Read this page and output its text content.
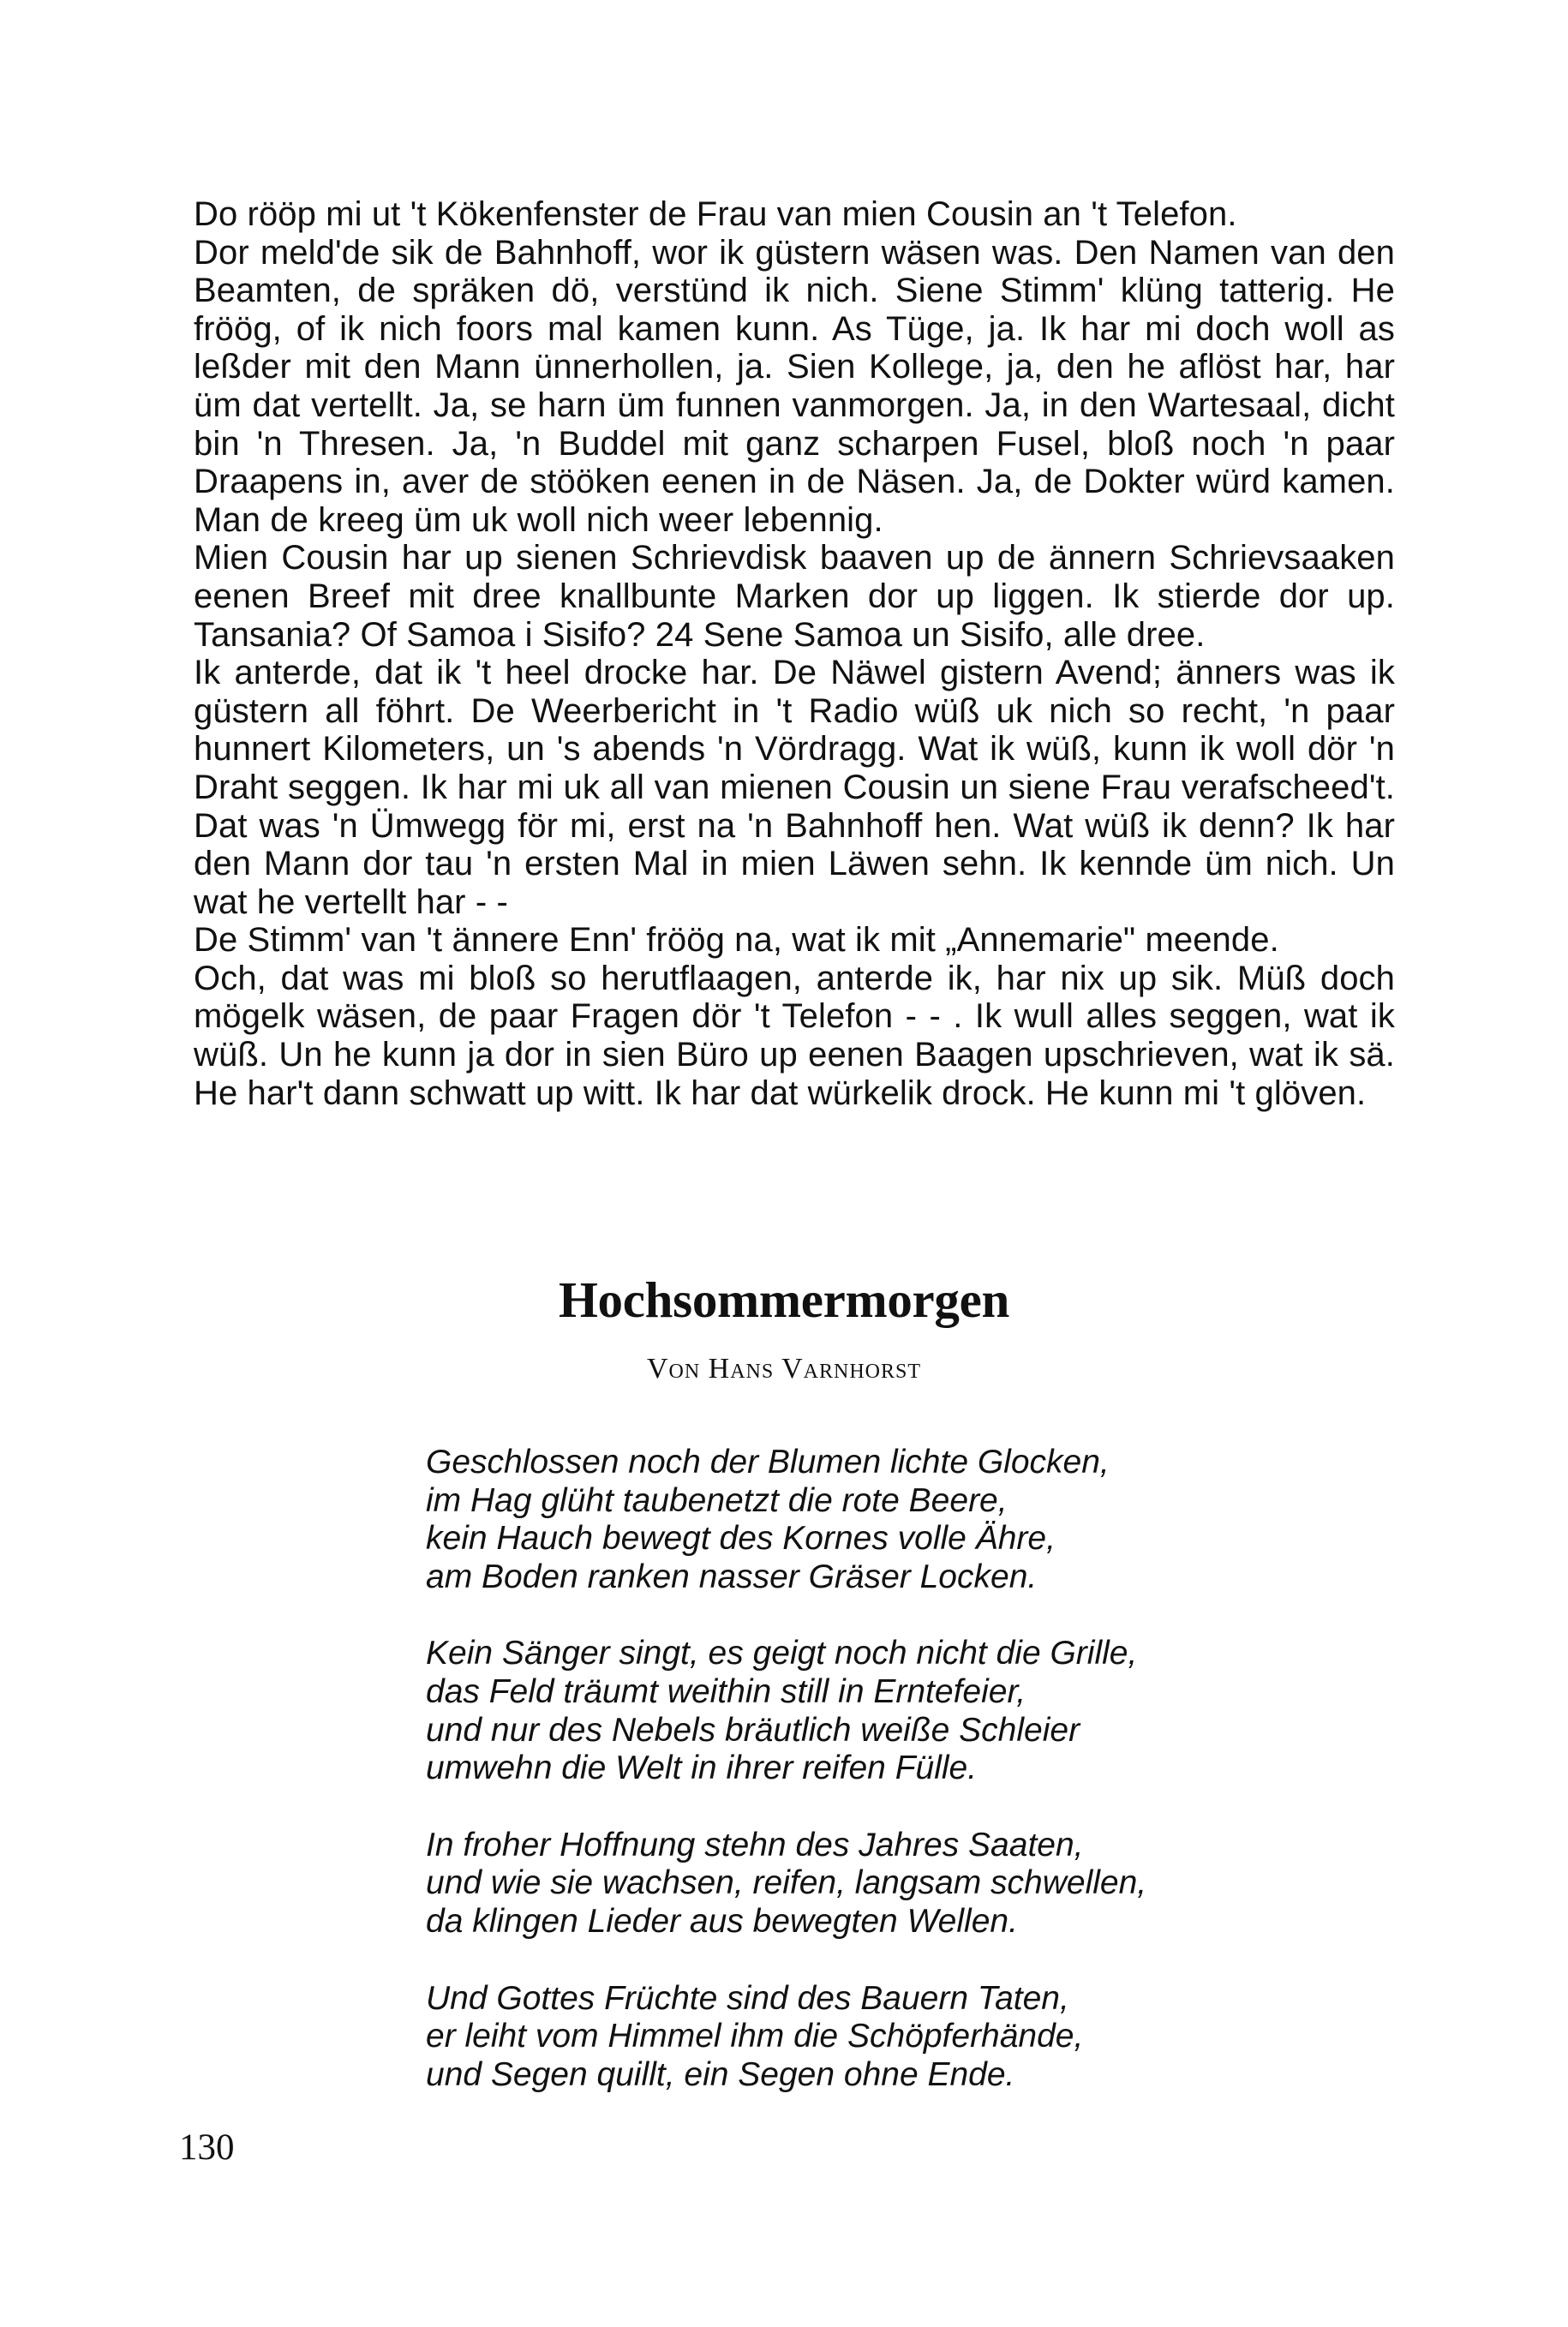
Do rööp mi ut 't Kökenfenster de Frau van mien Cousin an 't Telefon.

Dor meld'de sik de Bahnhoff, wor ik güstern wäsen was. Den Namen van den Beamten, de spräken dö, verstünd ik nich. Siene Stimm' klüng tatterig. He fröög, of ik nich foors mal kamen kunn. As Tüge, ja. Ik har mi doch woll as leßder mit den Mann ünnerhollen, ja. Sien Kollege, ja, den he aflöst har, har üm dat vertellt. Ja, se harn üm funnen vanmorgen. Ja, in den Wartesaal, dicht bin 'n Thresen. Ja, 'n Buddel mit ganz scharpen Fusel, bloß noch 'n paar Draapens in, aver de stööken eenen in de Näsen. Ja, de Dokter würd kamen. Man de kreeg üm uk woll nich weer lebennig.

Mien Cousin har up sienen Schrievdisk baaven up de ännern Schrievsaaken eenen Breef mit dree knallbunte Marken dor up liggen. Ik stierde dor up. Tansania? Of Samoa i Sisifo? 24 Sene Samoa un Sisifo, alle dree.

Ik anterde, dat ik 't heel drocke har. De Näwel gistern Avend; änners was ik güstern all föhrt. De Weerbericht in 't Radio wüß uk nich so recht, 'n paar hunnert Kilometers, un 's abends 'n Vördragg. Wat ik wüß, kunn ik woll dör 'n Draht seggen. Ik har mi uk all van mienen Cousin un siene Frau verafscheed't. Dat was 'n Ümwegg för mi, erst na 'n Bahnhoff hen. Wat wüß ik denn? Ik har den Mann dor tau 'n ersten Mal in mien Läwen sehn. Ik kennde üm nich. Un wat he vertellt har - -

De Stimm' van 't ännere Enn' fröög na, wat ik mit „Annemarie" meende.

Och, dat was mi bloß so herutflaagen, anterde ik, har nix up sik. Müß doch mögelk wäsen, de paar Fragen dör 't Telefon - - . Ik wull alles seggen, wat ik wüß. Un he kunn ja dor in sien Büro up eenen Baagen upschrieven, wat ik sä. He har't dann schwatt up witt. Ik har dat würkelik drock. He kunn mi 't glöven.

Hochsommermorgen
Von Hans Varnhorst
Geschlossen noch der Blumen lichte Glocken,
im Hag glüht taubenetzt die rote Beere,
kein Hauch bewegt des Kornes volle Ähre,
am Boden ranken nasser Gräser Locken.
Kein Sänger singt, es geigt noch nicht die Grille,
das Feld träumt weithin still in Erntefeier,
und nur des Nebels bräutlich weiße Schleier
umwehn die Welt in ihrer reifen Fülle.
In froher Hoffnung stehn des Jahres Saaten,
und wie sie wachsen, reifen, langsam schwellen,
da klingen Lieder aus bewegten Wellen.
Und Gottes Früchte sind des Bauern Taten,
er leiht vom Himmel ihm die Schöpferhände,
und Segen quillt, ein Segen ohne Ende.
130
